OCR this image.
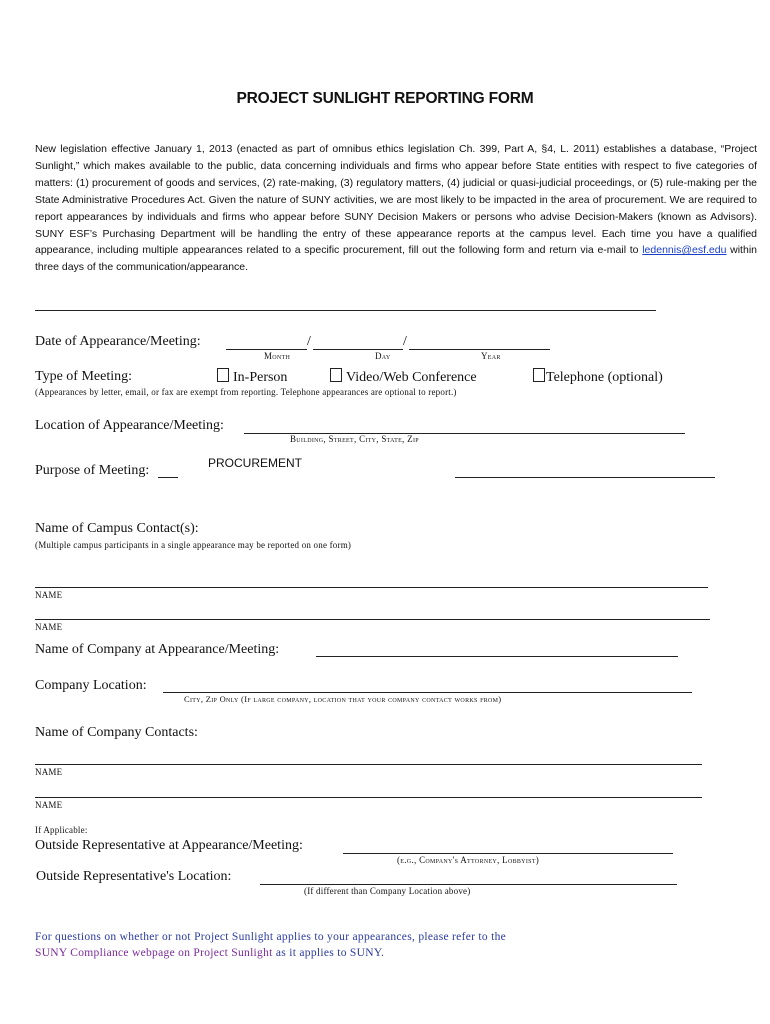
PROJECT SUNLIGHT REPORTING FORM
New legislation effective January 1, 2013 (enacted as part of omnibus ethics legislation Ch. 399, Part A, §4, L. 2011) establishes a database, “Project Sunlight,” which makes available to the public, data concerning individuals and firms who appear before State entities with respect to five categories of matters: (1) procurement of goods and services, (2) rate-making, (3) regulatory matters, (4) judicial or quasi-judicial proceedings, or (5) rule-making per the State Administrative Procedures Act. Given the nature of SUNY activities, we are most likely to be impacted in the area of procurement. We are required to report appearances by individuals and firms who appear before SUNY Decision Makers or persons who advise Decision-Makers (known as Advisors). SUNY ESF’s Purchasing Department will be handling the entry of these appearance reports at the campus level. Each time you have a qualified appearance, including multiple appearances related to a specific procurement, fill out the following form and return via e-mail to ledennis@esf.edu within three days of the communication/appearance.
Date of Appearance/Meeting:	/	/
Month	Day	Year
Type of Meeting:	In-Person	Video/Web Conference	Telephone (optional)
(Appearances by letter, email, or fax are exempt from reporting. Telephone appearances are optional to report.)
Location of Appearance/Meeting:
Building, Street, City, State, Zip
Purpose of Meeting:	PROCUREMENT
Name of Campus Contact(s):
(Multiple campus participants in a single appearance may be reported on one form)
NAME
NAME
Name of Company at Appearance/Meeting:
Company Location:
City, Zip Only (If large company, location that your company contact works from)
Name of Company Contacts:
NAME
NAME
If Applicable:
Outside Representative at Appearance/Meeting:
(e.g., Company's Attorney, Lobbyist)
Outside Representative's Location:
(If different than Company Location above)
For questions on whether or not Project Sunlight applies to your appearances, please refer to the
SUNY Compliance webpage on Project Sunlight as it applies to SUNY.
